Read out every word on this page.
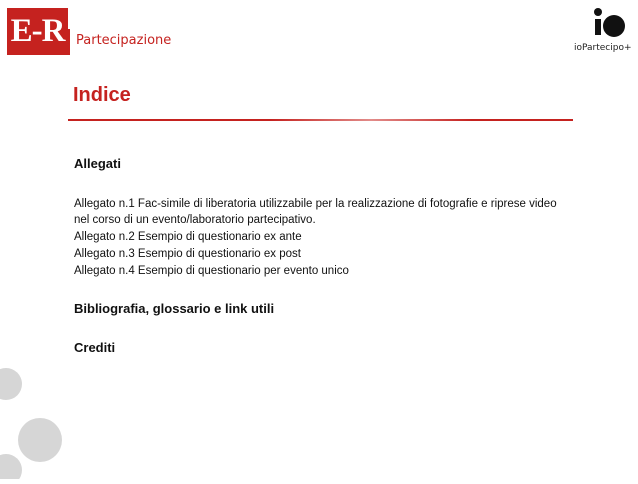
E-R Partecipazione	ioPartecipo+
Indice
Allegati
Allegato n.1 Fac-simile di liberatoria utilizzabile per la realizzazione di fotografie e riprese video nel corso di un evento/laboratorio partecipativo.
Allegato n.2 Esempio di questionario ex ante
Allegato n.3 Esempio di questionario ex post
Allegato n.4 Esempio di questionario per evento unico
Bibliografia, glossario e link utili
Crediti
